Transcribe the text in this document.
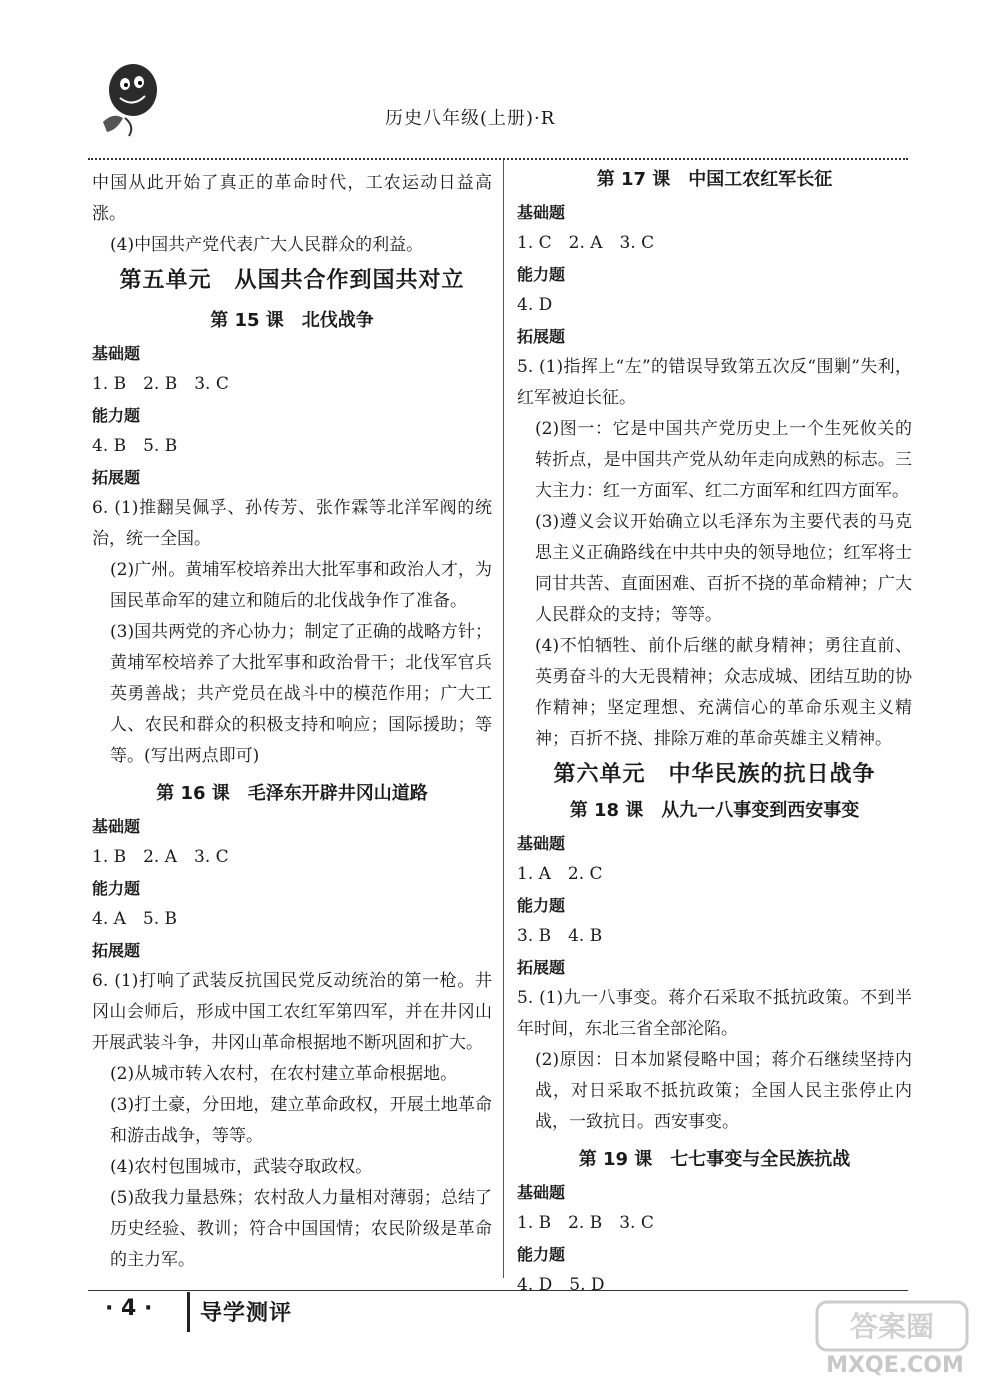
历史八年级(上册)·R

中国从此开始了真正的革命时代，工农运动日益高涨。

(4)中国共产党代表广大人民群众的利益。

第五单元　从国共合作到国共对立
第 15 课　北伐战争

基础题

1. B　2. B　3. C

能力题

4. B　5. B

拓展题

6. (1)推翻吴佩孚、孙传芳、张作霖等北洋军阀的统治，统一全国。

(2)广州。黄埔军校培养出大批军事和政治人才，为国民革命军的建立和随后的北伐战争作了准备。

(3)国共两党的齐心协力；制定了正确的战略方针；黄埔军校培养了大批军事和政治骨干；北伐军官兵英勇善战；共产党员在战斗中的模范作用；广大工人、农民和群众的积极支持和响应；国际援助；等等。(写出两点即可)

第 16 课　毛泽东开辟井冈山道路

基础题

1. B　2. A　3. C

能力题

4. A　5. B

拓展题

6. (1)打响了武装反抗国民党反动统治的第一枪。井冈山会师后，形成中国工农红军第四军，并在井冈山开展武装斗争，井冈山革命根据地不断巩固和扩大。

(2)从城市转入农村，在农村建立革命根据地。

(3)打土豪，分田地，建立革命政权，开展土地革命和游击战争，等等。

(4)农村包围城市，武装夺取政权。

(5)敌我力量悬殊；农村敌人力量相对薄弱；总结了历史经验、教训；符合中国国情；农民阶级是革命的主力军。

第 17 课　中国工农红军长征

基础题

1. C　2. A　3. C

能力题

4. D

拓展题

5. (1)指挥上“左”的错误导致第五次反“围剿”失利，红军被迫长征。

(2)图一：它是中国共产党历史上一个生死攸关的转折点，是中国共产党从幼年走向成熟的标志。三大主力：红一方面军、红二方面军和红四方面军。

(3)遵义会议开始确立以毛泽东为主要代表的马克思主义正确路线在中共中央的领导地位；红军将士同甘共苦、直面困难、百折不挠的革命精神；广大人民群众的支持；等等。

(4)不怕牺牲、前仆后继的献身精神；勇往直前、英勇奋斗的大无畏精神；众志成城、团结互助的协作精神；坚定理想、充满信心的革命乐观主义精神；百折不挠、排除万难的革命英雄主义精神。

第六单元　中华民族的抗日战争
第 18 课　从九一八事变到西安事变

基础题

1. A　2. C

能力题

3. B　4. B

拓展题

5. (1)九一八事变。蒋介石采取不抵抗政策。不到半年时间，东北三省全部沦陷。

(2)原因：日本加紧侵略中国；蒋介石继续坚持内战，对日采取不抵抗政策；全国人民主张停止内战，一致抗日。西安事变。

第 19 课　七七事变与全民族抗战

基础题

1. B　2. B　3. C

能力题

4. D　5. D

· 4 · 导学测评	答案圈
MXQE.COM
